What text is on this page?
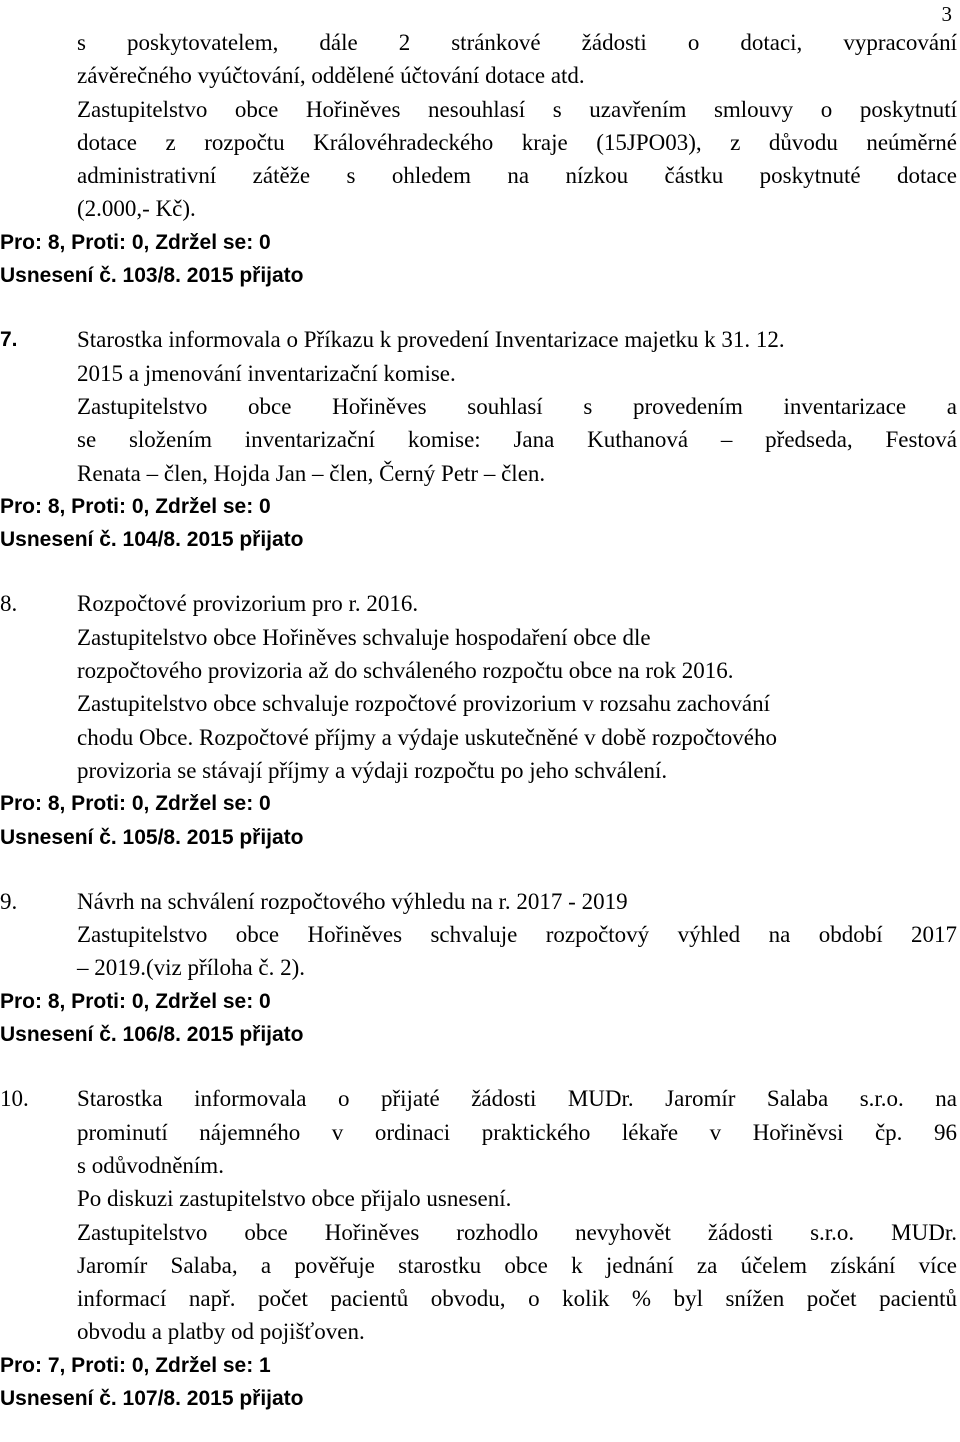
3
s poskytovatelem, dále 2 stránkové žádosti o dotaci, vypracování
závěrečného vyúčtování, oddělené účtování dotace atd.
Zastupitelstvo obce Hořiněves nesouhlasí s uzavřením smlouvy o poskytnutí
dotace z rozpočtu Královéhradeckého kraje (15JPO03), z důvodu neúměrné
administrativní zátěže s ohledem na nízkou částku poskytnuté dotace
(2.000,- Kč).
Pro: 8, Proti: 0, Zdržel se: 0
Usnesení č. 103/8. 2015 přijato
7.	Starostka informovala o Příkazu k provedení Inventarizace majetku k 31. 12.
2015 a jmenování inventarizační komise.
Zastupitelstvo obce Hořiněves souhlasí s provedením inventarizace a
se složením inventarizační komise: Jana Kuthanová – předseda, Festová
Renata – člen, Hojda Jan – člen, Černý Petr – člen.
Pro: 8, Proti: 0, Zdržel se: 0
Usnesení č. 104/8. 2015 přijato
8.	Rozpočtové provizorium pro r. 2016.
Zastupitelstvo obce Hořiněves schvaluje hospodaření obce dle
rozpočtového provizoria až do schváleného rozpočtu obce na rok 2016.
Zastupitelstvo obce schvaluje rozpočtové provizorium v rozsahu zachování
chodu Obce. Rozpočtové příjmy a výdaje uskutečněné v době rozpočtového
provizoria se stávají příjmy a výdaji rozpočtu po jeho schválení.
Pro: 8, Proti: 0, Zdržel se: 0
Usnesení č. 105/8. 2015 přijato
9.	Návrh na schválení rozpočtového výhledu na r. 2017 - 2019
Zastupitelstvo obce Hořiněves schvaluje rozpočtový výhled na období 2017
– 2019.(viz příloha č. 2).
Pro: 8, Proti: 0, Zdržel se: 0
Usnesení č. 106/8. 2015 přijato
10. Starostka informovala o přijaté žádosti MUDr. Jaromír Salaba s.r.o. na
prominutí nájemného v ordinaci praktického lékaře v Hořiněvsi čp. 96
s odůvodněním.
Po diskuzi zastupitelstvo obce přijalo usnesení.
Zastupitelstvo obce Hořiněves rozhodlo nevyhovět žádosti s.r.o. MUDr.
Jaromír Salaba, a pověřuje starostku obce k jednání za účelem získání více
informací např. počet pacientů obvodu, o kolik % byl snížen počet pacientů
obvodu a platby od pojišťoven.
Pro: 7, Proti: 0, Zdržel se: 1
Usnesení č. 107/8. 2015 přijato
